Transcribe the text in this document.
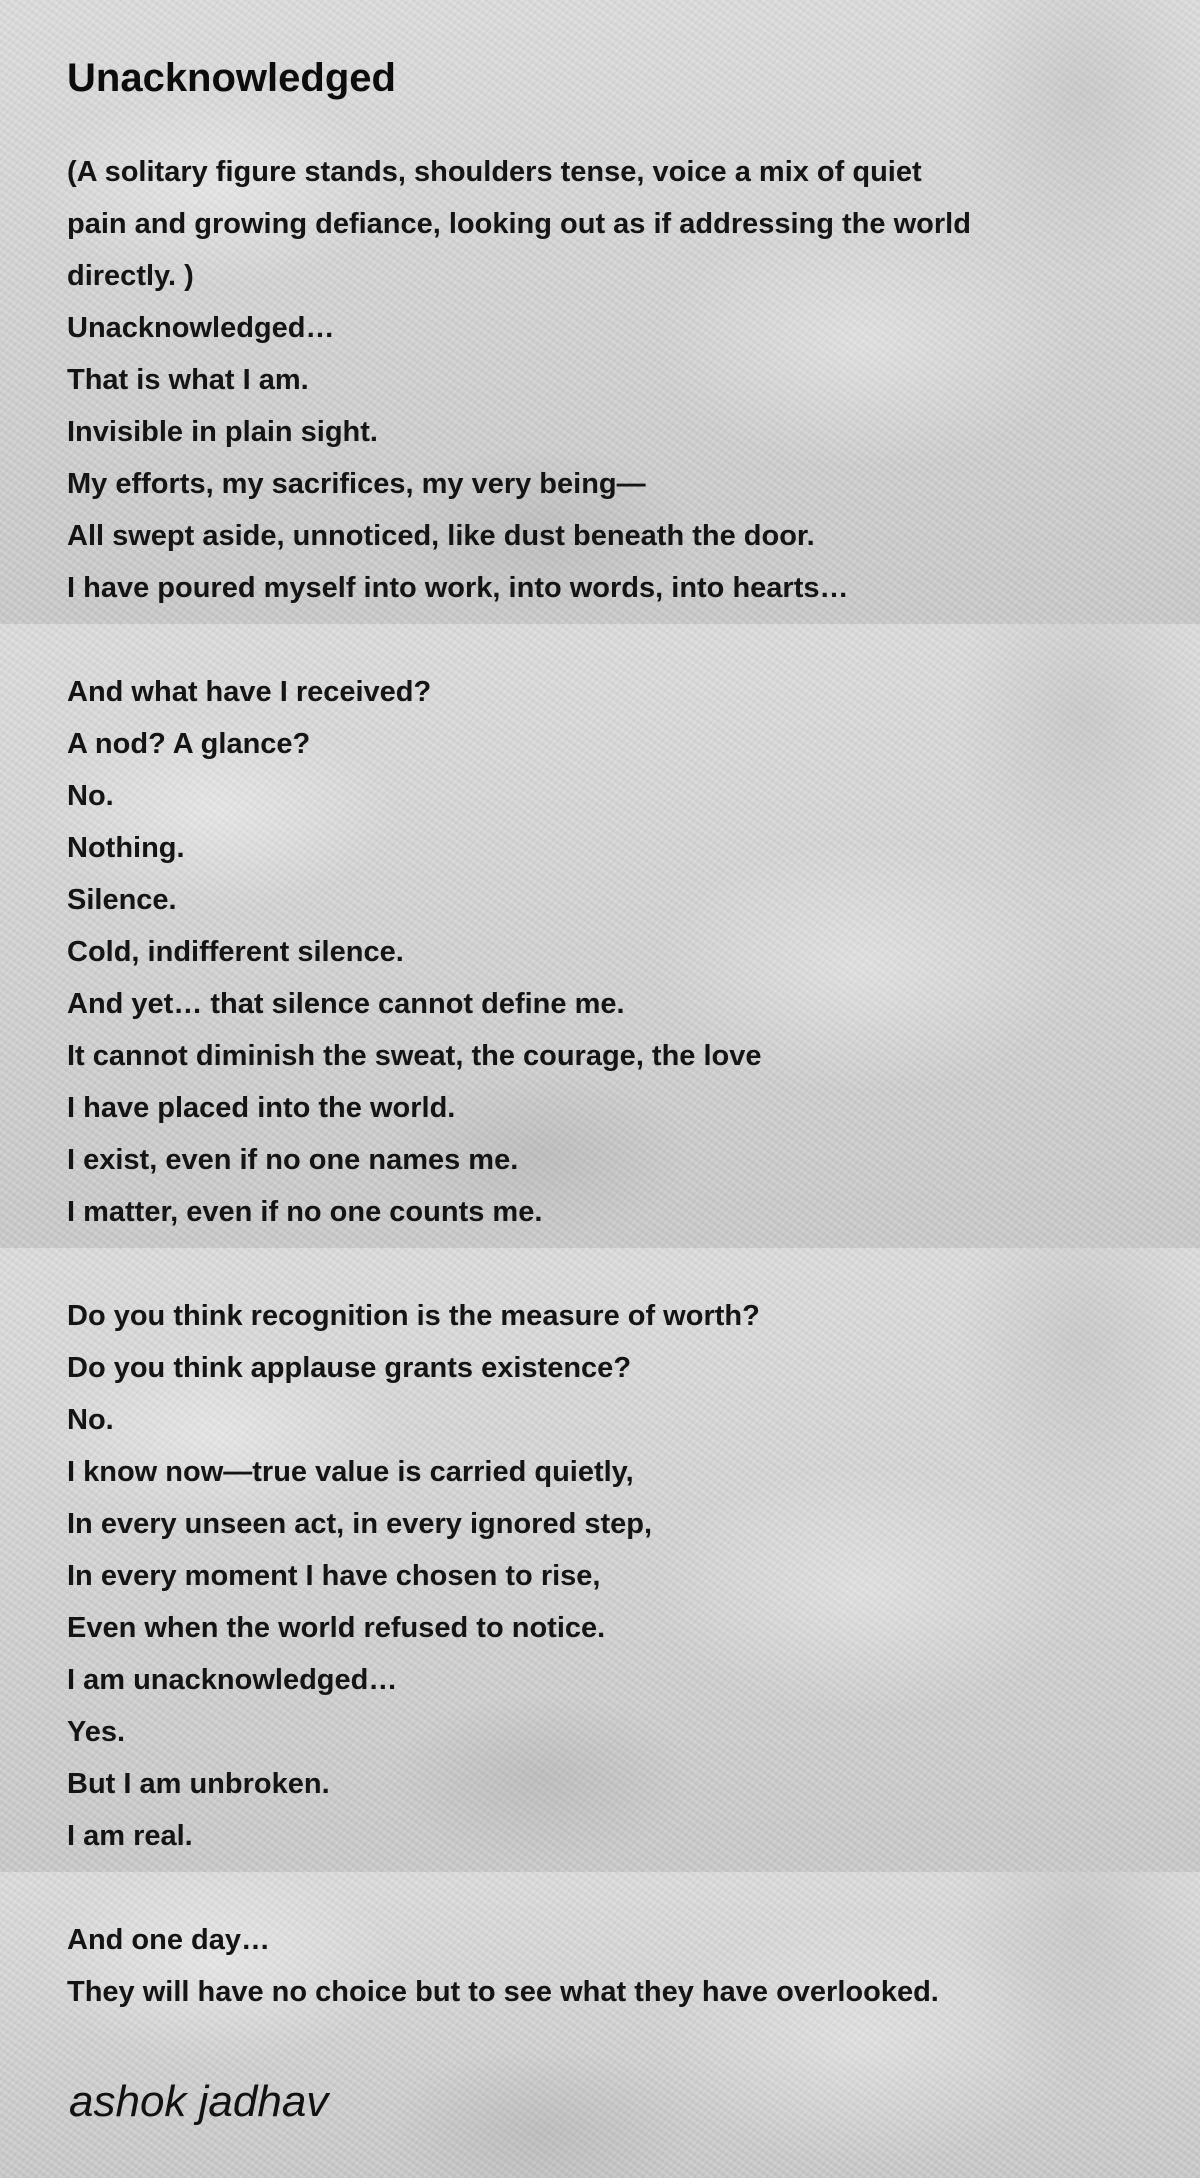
Unacknowledged
(A solitary figure stands, shoulders tense, voice a mix of quiet
pain and growing defiance, looking out as if addressing the world
directly. )
Unacknowledged…
That is what I am.
Invisible in plain sight.
My efforts, my sacrifices, my very being—
All swept aside, unnoticed, like dust beneath the door.
I have poured myself into work, into words, into hearts…
And what have I received?
A nod? A glance?
No.
Nothing.
Silence.
Cold, indifferent silence.
And yet… that silence cannot define me.
It cannot diminish the sweat, the courage, the love
I have placed into the world.
I exist, even if no one names me.
I matter, even if no one counts me.
Do you think recognition is the measure of worth?
Do you think applause grants existence?
No.
I know now—true value is carried quietly,
In every unseen act, in every ignored step,
In every moment I have chosen to rise,
Even when the world refused to notice.
I am unacknowledged…
Yes.
But I am unbroken.
I am real.
And one day…
They will have no choice but to see what they have overlooked.
ashok jadhav
